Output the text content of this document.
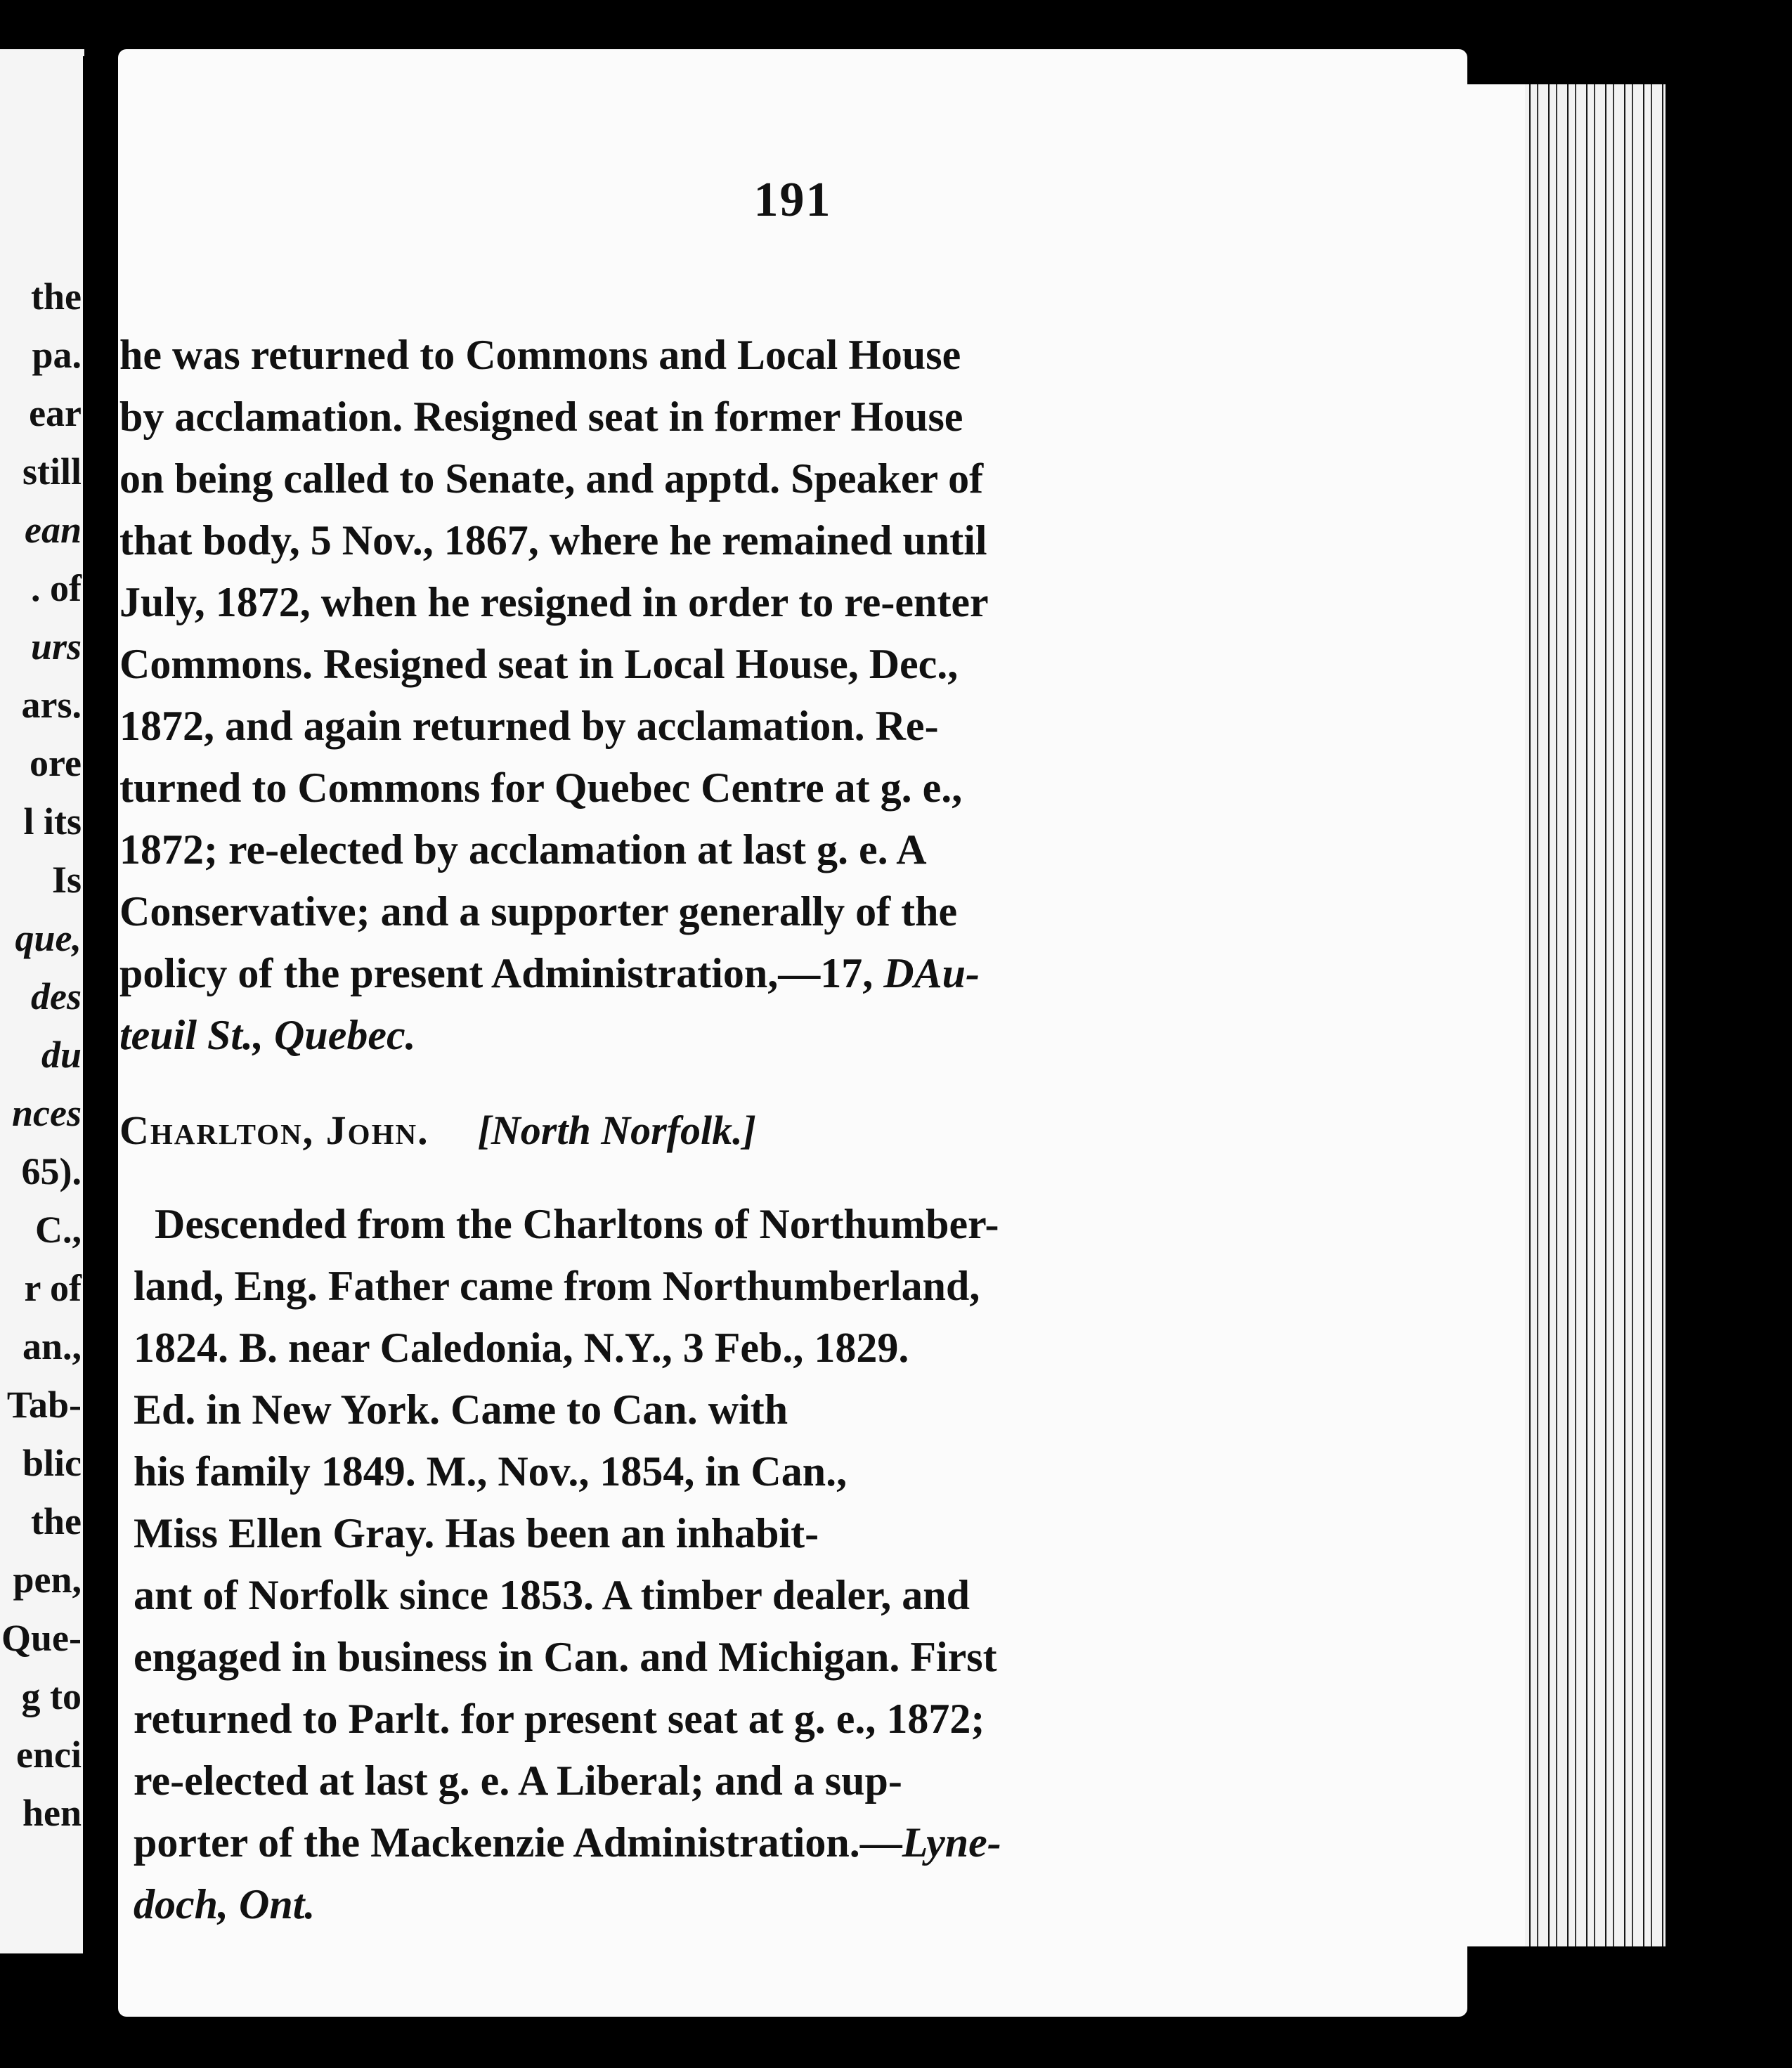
the
pa.
ear
still
ean
. of
urs
ars.
ore
l its
Is
que,
des
du
nces
65).
C.,
r of
an.,
Tab-
blic
the
pen,
Que-
g to
enci
hen
191
he was returned to Commons and Local House
by acclamation. Resigned seat in former House
on being called to Senate, and apptd. Speaker of
that body, 5 Nov., 1867, where he remained until
July, 1872, when he resigned in order to re-enter
Commons. Resigned seat in Local House, Dec.,
1872, and again returned by acclamation. Re-
turned to Commons for Quebec Centre at g. e.,
1872; re-elected by acclamation at last g. e. A
Conservative; and a supporter generally of the
policy of the present Administration,—17, DAu-
teuil St., Quebec.
Charlton, John. [North Norfolk.]
Descended from the Charltons of Northumber-
land, Eng. Father came from Northumberland,
1824. B. near Caledonia, N.Y., 3 Feb., 1829.
Ed. in New York. Came to Can. with
his family 1849. M., Nov., 1854, in Can.,
Miss Ellen Gray. Has been an inhabit-
ant of Norfolk since 1853. A timber dealer, and
engaged in business in Can. and Michigan. First
returned to Parlt. for present seat at g. e., 1872;
re-elected at last g. e. A Liberal; and a sup-
porter of the Mackenzie Administration.—Lyne-
doch, Ont.
